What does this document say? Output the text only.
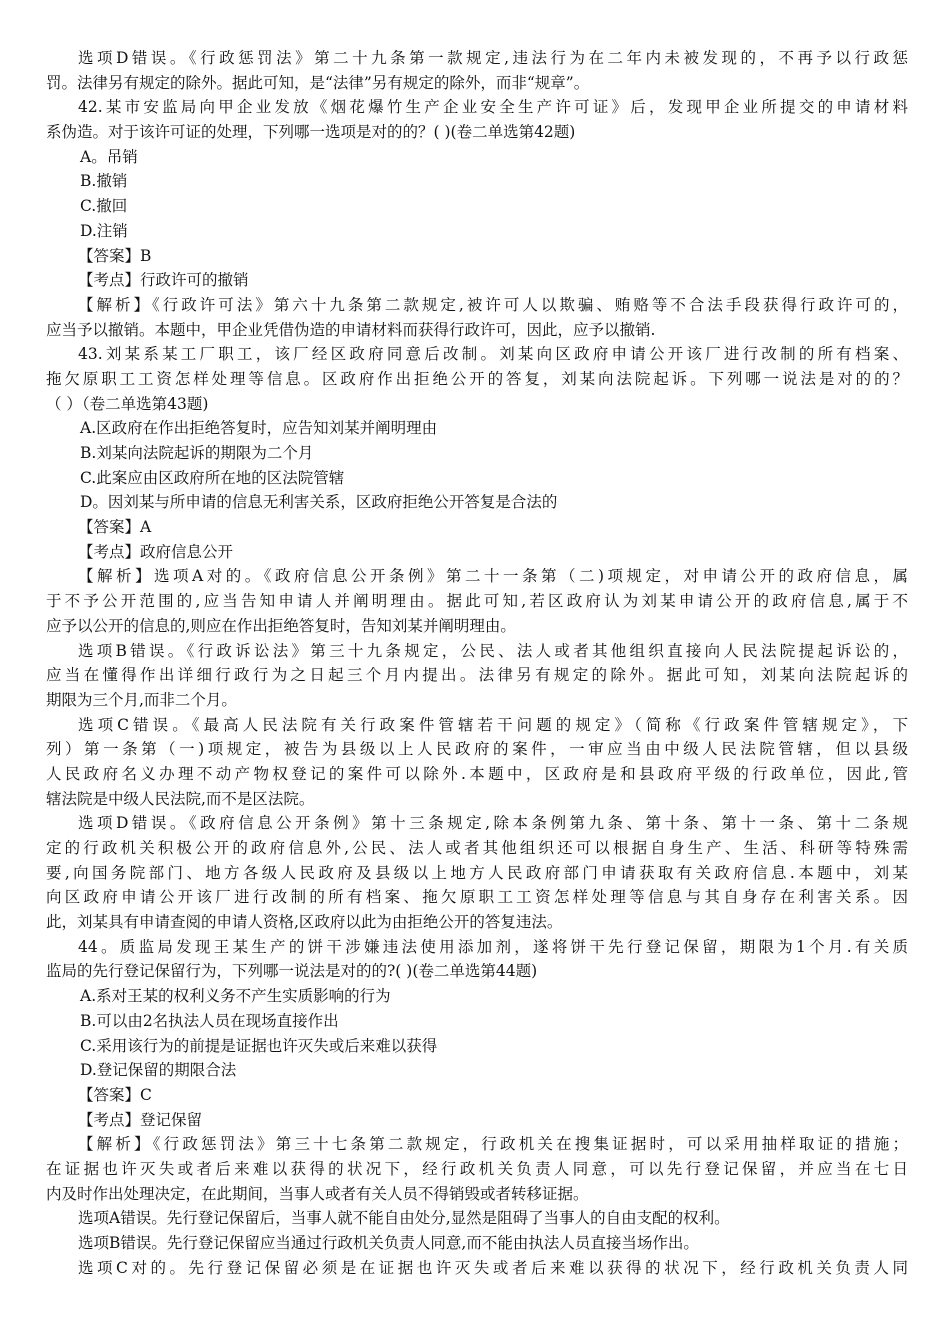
选项D错误。《行政惩罚法》第二十九条第一款规定,违法行为在二年内未被发现的，不再予以行政惩
罚。法律另有规定的除外。据此可知，是“法律”另有规定的除外，而非“规章”。
42.某市安监局向甲企业发放《烟花爆竹生产企业安全生产许可证》后，发现甲企业所提交的申请材料
系伪造。对于该许可证的处理，下列哪一选项是对的的？( )(卷二单选第42题)
A。吊销
B.撤销
C.撤回
D.注销
【答案】B
【考点】行政许可的撤销
【解析】《行政许可法》第六十九条第二款规定,被许可人以欺骗、贿赂等不合法手段获得行政许可的，
应当予以撤销。本题中，甲企业凭借伪造的申请材料而获得行政许可，因此，应予以撤销.
43.刘某系某工厂职工，该厂经区政府同意后改制。刘某向区政府申请公开该厂进行改制的所有档案、
拖欠原职工工资怎样处理等信息。区政府作出拒绝公开的答复，刘某向法院起诉。下列哪一说法是对的的？
（ ）（卷二单选第43题)
A.区政府在作出拒绝答复时，应告知刘某并阐明理由
B.刘某向法院起诉的期限为二个月
C.此案应由区政府所在地的区法院管辖
D。因刘某与所申请的信息无利害关系，区政府拒绝公开答复是合法的
【答案】A
【考点】政府信息公开
【解析】选项A对的。《政府信息公开条例》第二十一条第（二)项规定，对申请公开的政府信息，属
于不予公开范围的,应当告知申请人并阐明理由。据此可知,若区政府认为刘某申请公开的政府信息,属于不
应予以公开的信息的,则应在作出拒绝答复时，告知刘某并阐明理由。
选项B错误。《行政诉讼法》第三十九条规定，公民、法人或者其他组织直接向人民法院提起诉讼的，
应当在懂得作出详细行政行为之日起三个月内提出。法律另有规定的除外。据此可知，刘某向法院起诉的
期限为三个月,而非二个月。
选项C错误。《最高人民法院有关行政案件管辖若干问题的规定》（简称《行政案件管辖规定》，下
列）第一条第（一)项规定，被告为县级以上人民政府的案件，一审应当由中级人民法院管辖，但以县级
人民政府名义办理不动产物权登记的案件可以除外.本题中，区政府是和县政府平级的行政单位，因此,管
辖法院是中级人民法院,而不是区法院。
选项D错误。《政府信息公开条例》第十三条规定,除本条例第九条、第十条、第十一条、第十二条规
定的行政机关积极公开的政府信息外,公民、法人或者其他组织还可以根据自身生产、生活、科研等特殊需
要,向国务院部门、地方各级人民政府及县级以上地方人民政府部门申请获取有关政府信息.本题中，刘某
向区政府申请公开该厂进行改制的所有档案、拖欠原职工工资怎样处理等信息与其自身存在利害关系。因
此，刘某具有申请查阅的申请人资格,区政府以此为由拒绝公开的答复违法。
44。质监局发现王某生产的饼干涉嫌违法使用添加剂，遂将饼干先行登记保留，期限为1个月.有关质
监局的先行登记保留行为，下列哪一说法是对的的?( )(卷二单选第44题)
A.系对王某的权利义务不产生实质影响的行为
B.可以由2名执法人员在现场直接作出
C.采用该行为的前提是证据也许灭失或后来难以获得
D.登记保留的期限合法
【答案】C
【考点】登记保留
【解析】《行政惩罚法》第三十七条第二款规定，行政机关在搜集证据时，可以采用抽样取证的措施；
在证据也许灭失或者后来难以获得的状况下，经行政机关负责人同意，可以先行登记保留，并应当在七日
内及时作出处理决定，在此期间，当事人或者有关人员不得销毁或者转移证据。
选项A错误。先行登记保留后，当事人就不能自由处分,显然是阻碍了当事人的自由支配的权利。
选项B错误。先行登记保留应当通过行政机关负责人同意,而不能由执法人员直接当场作出。
选项C对的。先行登记保留必须是在证据也许灭失或者后来难以获得的状况下，经行政机关负责人同
